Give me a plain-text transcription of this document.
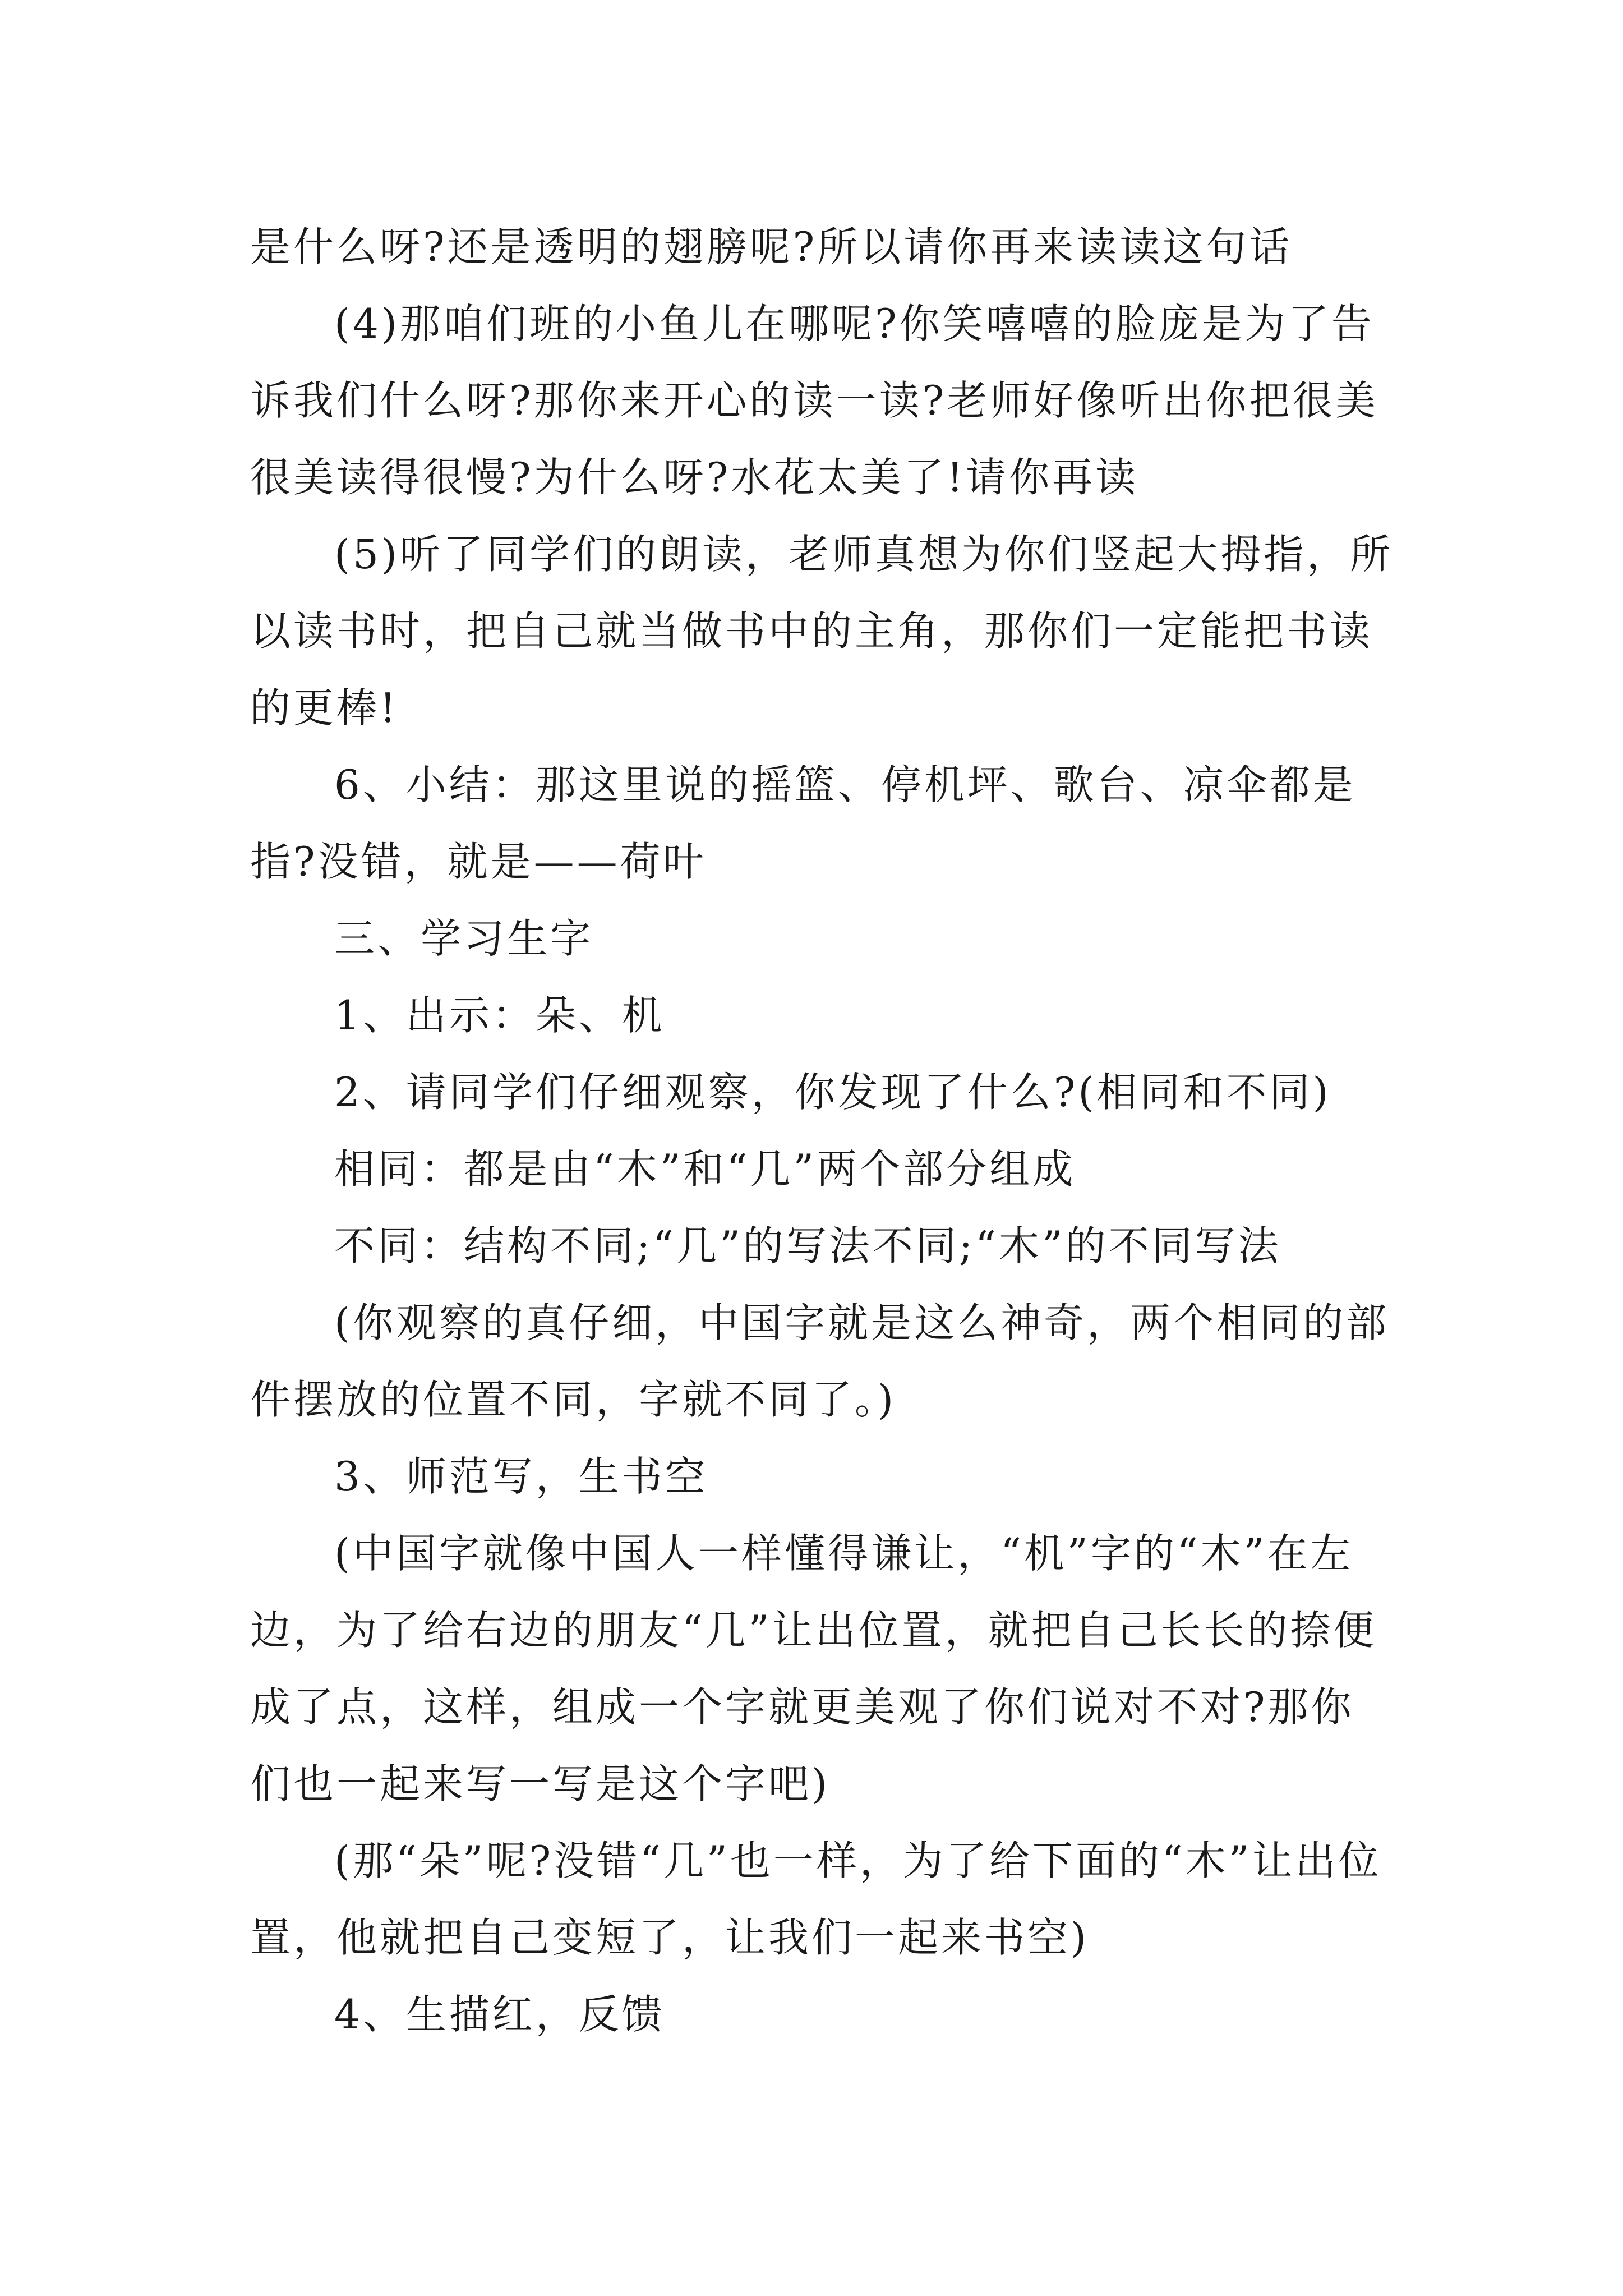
是什么呀?还是透明的翅膀呢?所以请你再来读读这句话

(4)那咱们班的小鱼儿在哪呢?你笑嘻嘻的脸庞是为了告诉我们什么呀?那你来开心的读一读?老师好像听出你把很美很美读得很慢?为什么呀?水花太美了!请你再读

(5)听了同学们的朗读，老师真想为你们竖起大拇指，所以读书时，把自己就当做书中的主角，那你们一定能把书读的更棒!

6、小结：那这里说的摇篮、停机坪、歌台、凉伞都是指?没错，就是——荷叶

三、学习生字

1、出示：朵、机

2、请同学们仔细观察，你发现了什么?(相同和不同)

相同：都是由“木”和“几”两个部分组成

不同：结构不同;“几”的写法不同;“木”的不同写法

(你观察的真仔细，中国字就是这么神奇，两个相同的部件摆放的位置不同，字就不同了。)

3、师范写，生书空

(中国字就像中国人一样懂得谦让，“机”字的“木”在左边，为了给右边的朋友“几”让出位置，就把自己长长的捺便成了点，这样，组成一个字就更美观了你们说对不对?那你们也一起来写一写是这个字吧)

(那“朵”呢?没错“几”也一样，为了给下面的“木”让出位置，他就把自己变短了，让我们一起来书空)

4、生描红，反馈
